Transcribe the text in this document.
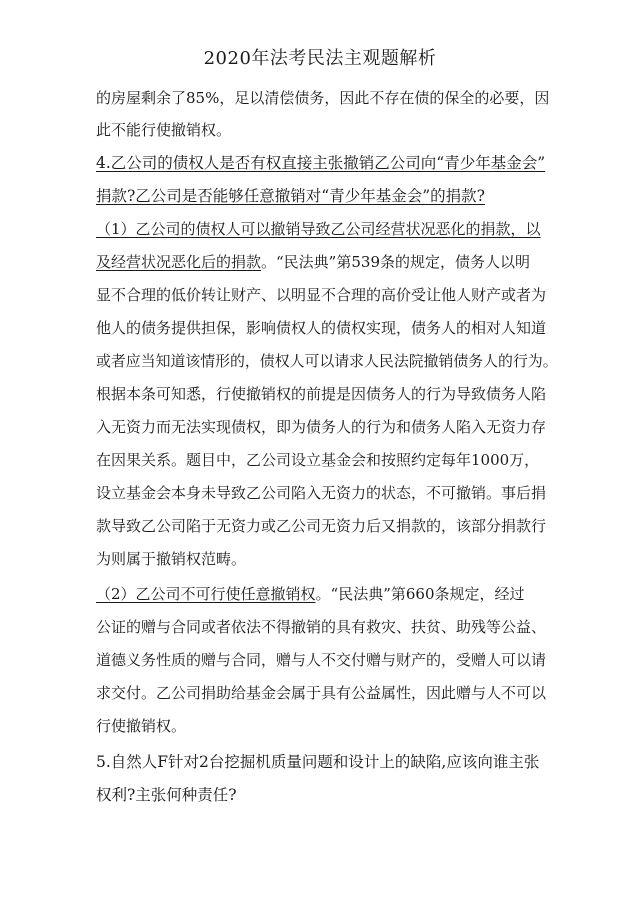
2020年法考民法主观题解析
的房屋剩余了85%，足以清偿债务，因此不存在债的保全的必要，因
此不能行使撤销权。
4.乙公司的债权人是否有权直接主张撤销乙公司向“青少年基金会”
捐款?乙公司是否能够任意撤销对“青少年基金会”的捐款?
（1）乙公司的债权人可以撤销导致乙公司经营状况恶化的捐款，以
及经营状况恶化后的捐款。“民法典”第539条的规定，债务人以明
显不合理的低价转让财产、以明显不合理的高价受让他人财产或者为
他人的债务提供担保，影响债权人的债权实现，债务人的相对人知道
或者应当知道该情形的，债权人可以请求人民法院撤销债务人的行为。
根据本条可知悉，行使撤销权的前提是因债务人的行为导致债务人陷
入无资力而无法实现债权，即为债务人的行为和债务人陷入无资力存
在因果关系。题目中，乙公司设立基金会和按照约定每年1000万，
设立基金会本身未导致乙公司陷入无资力的状态，不可撤销。事后捐
款导致乙公司陷于无资力或乙公司无资力后又捐款的，该部分捐款行
为则属于撤销权范畴。
（2）乙公司不可行使任意撤销权。“民法典”第660条规定，经过
公证的赠与合同或者依法不得撤销的具有救灾、扶贫、助残等公益、
道德义务性质的赠与合同，赠与人不交付赠与财产的，受赠人可以请
求交付。乙公司捐助给基金会属于具有公益属性，因此赠与人不可以
行使撤销权。
5.自然人F针对2台挖掘机质量问题和设计上的缺陷,应该向谁主张
权利?主张何种责任?
